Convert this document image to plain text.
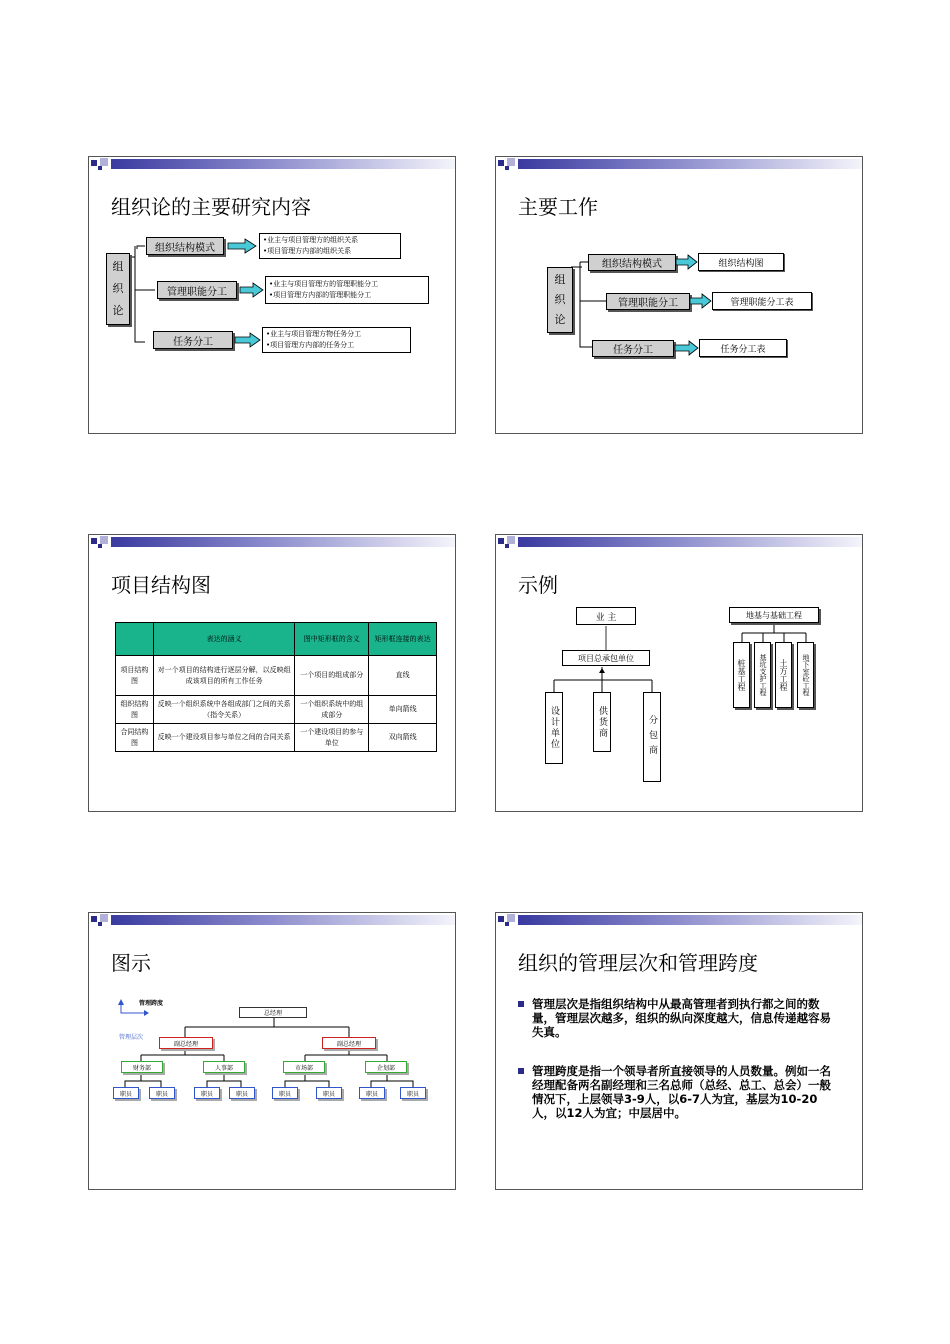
组织论的主要研究内容
组
织
论
组织结构模式
管理职能分工
任务分工
•业主与项目管理方的组织关系
•项目管理方内部的组织关系
•业主与项目管理方的管理职能分工
•项目管理方内部的管理职能分工
•业主与项目管理方物任务分工
•项目管理方内部的任务分工
主要工作
组
织
论
组织结构模式
管理职能分工
任务分工
组织结构图
管理职能分工表
任务分工表
项目结构图
	表达的涵义	图中矩形框的含义	矩形框连接的表达
项目结构图	对一个项目的结构进行逐层分解，以反映组成该项目的所有工作任务	一个项目的组成部分	直线
组织结构图	反映一个组织系统中各组成部门之间的关系（指令关系）	一个组织系统中的组成部分	单向箭线
合同结构图	反映一个建设项目参与单位之间的合同关系	一个建设项目的参与单位	双向箭线
示例
业 主
项目总承包单位
设计单位	供货商	分包商
地基与基础工程
桩基工程	基坑支护工程	土方工程	地下室砼工程
图示
管理跨度
管理层次
总经理
副总经理	副总经理
财务部	人事部	市场部	企划部
职员	职员	职员	职员	职员	职员	职员	职员
组织的管理层次和管理跨度
管理层次是指组织结构中从最高管理者到执行都之间的数量，管理层次越多，组织的纵向深度越大，信息传递越容易失真。
管理跨度是指一个领导者所直接领导的人员数量。例如一名经理配备两名副经理和三名总师（总经、总工、总会）一般情况下，上层领导3-9人，以6-7人为宜，基层为10-20人，以12人为宜；中层居中。
